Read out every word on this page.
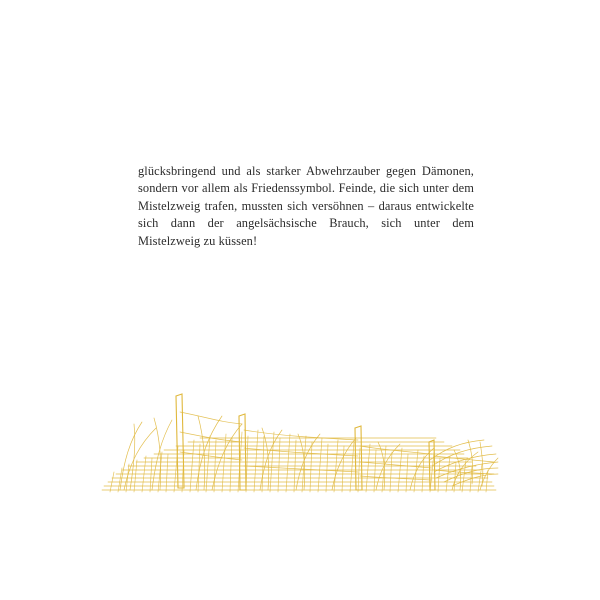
glücksbringend und als starker Abwehrzauber gegen Dämonen, sondern vor allem als Friedenssymbol. Feinde, die sich unter dem Mistelzweig trafen, mussten sich versöhnen – daraus entwickelte sich dann der angelsächsische Brauch, sich unter dem Mistelzweig zu küssen!
